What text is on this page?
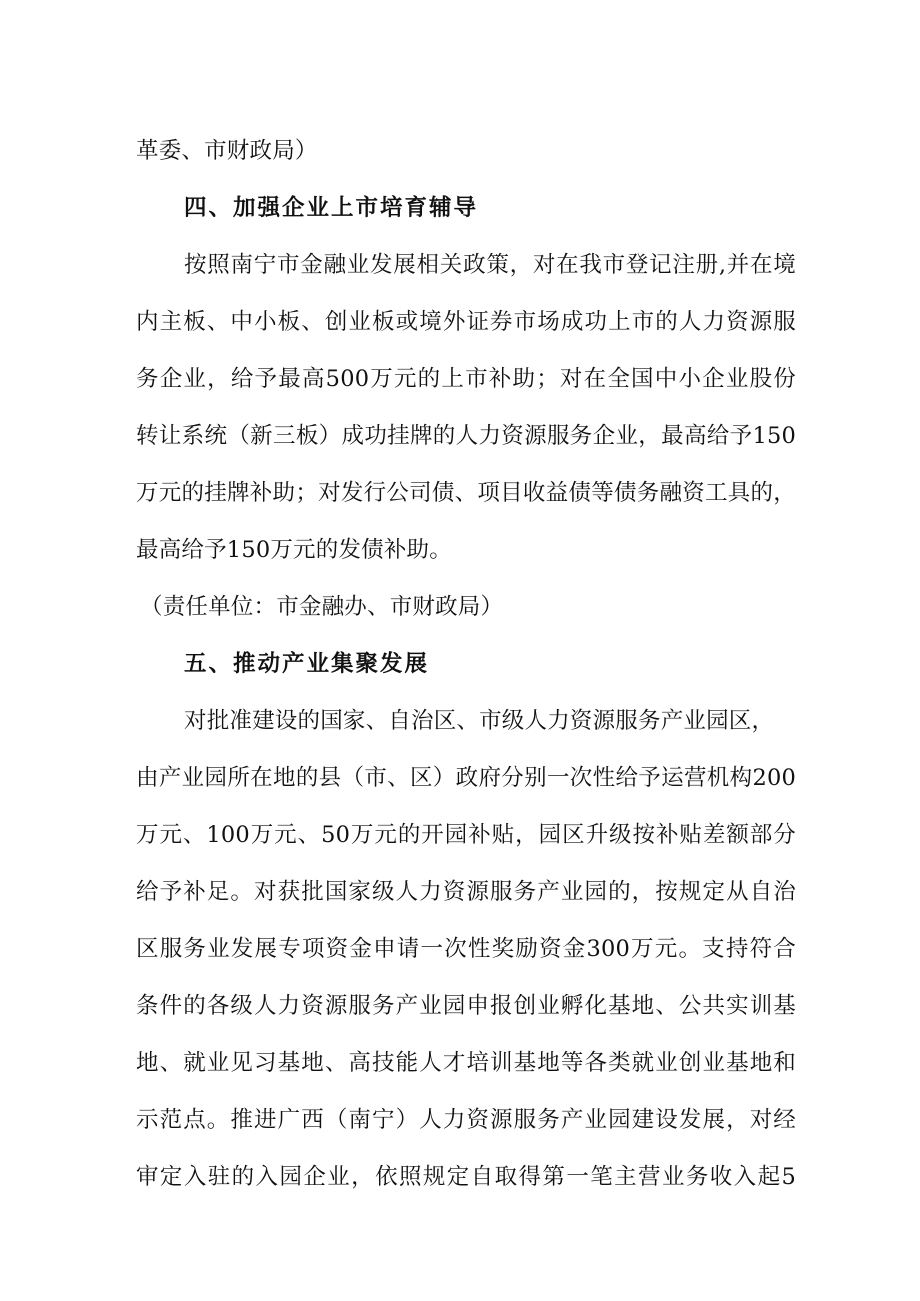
革委、市财政局）
四、加强企业上市培育辅导
按照南宁市金融业发展相关政策，对在我市登记注册,并在境
内主板、中小板、创业板或境外证券市场成功上市的人力资源服
务企业，给予最高500万元的上市补助；对在全国中小企业股份
转让系统（新三板）成功挂牌的人力资源服务企业，最高给予150
万元的挂牌补助；对发行公司债、项目收益债等债务融资工具的，
最高给予150万元的发债补助。
（责任单位：市金融办、市财政局）
五、推动产业集聚发展
对批准建设的国家、自治区、市级人力资源服务产业园区，
由产业园所在地的县（市、区）政府分别一次性给予运营机构200
万元、100万元、50万元的开园补贴，园区升级按补贴差额部分
给予补足。对获批国家级人力资源服务产业园的，按规定从自治
区服务业发展专项资金申请一次性奖励资金300万元。支持符合
条件的各级人力资源服务产业园申报创业孵化基地、公共实训基
地、就业见习基地、高技能人才培训基地等各类就业创业基地和
示范点。推进广西（南宁）人力资源服务产业园建设发展，对经
审定入驻的入园企业，依照规定自取得第一笔主营业务收入起5
